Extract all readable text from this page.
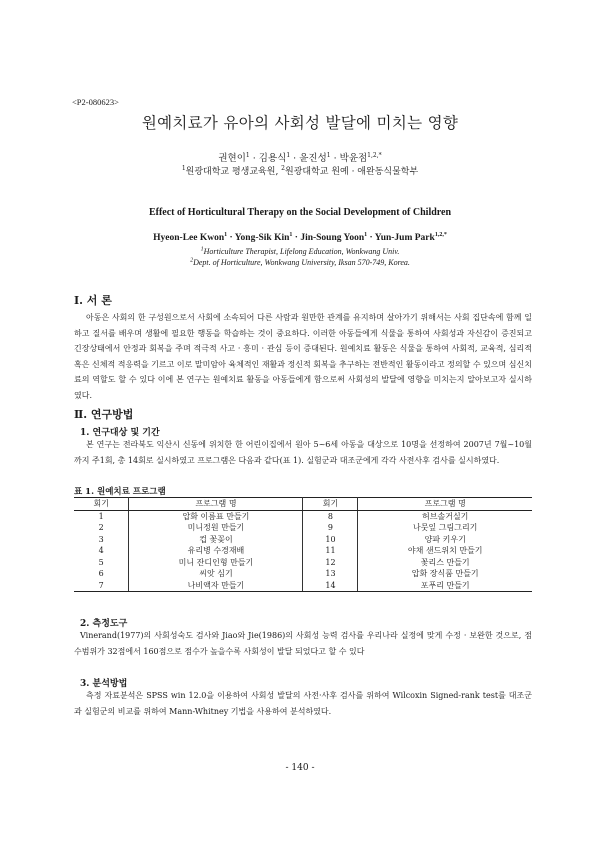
<P2-080623>
원예치료가 유아의 사회성 발달에 미치는 영향
권현이$^1$ · 김용식$^1$ · 윤진성$^1$ · 박윤점$^{1,2,*}$
$^1$원광대학교 평생교육원, $^2$원광대학교 원예 · 애완동식물학부
Effect of Horticultural Therapy on the Social Development of Children
Hyeon-Lee Kwon$^1$ · Yong-Sik Kin$^1$ · Jin-Soung Yoon$^1$ · Yun-Jum Park$^{1,2,*}$
$^1$Horticulture Therapist, Lifelong Education, Wonkwang Univ.
$^2$Dept. of Horticulture, Wonkwang University, Iksan 570-749, Korea.
Ⅰ. 서 론
아동은 사회의 한 구성원으로서 사회에 소속되어 다른 사람과 원만한 관계를 유지하며 살아가기 위해서는 사회 집단속에 함께 일하고 질서를 배우며 생활에 필요한 행동을 학습하는 것이 중요하다. 이러한 아동들에게 식물을 통하여 사회성과 자신감이 증진되고 긴장상태에서 안정과 회복을 주며 적극적 사고 · 흥미 · 관심 등이 증대된다. 원예치료 활동은 식물을 통하여 사회적, 교육적, 심리적 혹은 신체적 적응력을 기르고 이로 말미암아 육체적인 재활과 정신적 회복을 추구하는 전반적인 활동이라고 정의할 수 있으며 심신치료의 역할도 할 수 있다 이에 본 연구는 원예치료 활동을 아동들에게 함으로써 사회성의 발달에 영향을 미치는지 알아보고자 실시하였다.
Ⅱ. 연구방법
1. 연구대상 및 기간
본 연구는 전라북도 익산시 신동에 위치한 한 어린이집에서 원아 5~6세 아동을 대상으로 10명을 선정하여 2007년 7월~10월까지 주1회, 총 14회로 실시하였고 프로그램은 다음과 같다(표 1). 실험군과 대조군에게 각각 사전사후 검사를 실시하였다.
표 1. 원예치료 프로그램
회기	프로그램 명	회기	프로그램 명
1	압화 이름표 만들기	8	허브솔거실기
2	미니정원 만들기	9	나뭇잎 그림그리기
3	컵 꽃꽂이	10	양파 키우기
4	유리병 수경재배	11	야채 샌드위치 만들기
5	미니 잔디인형 만들기	12	꽃리스 만들기
6	씨앗 심기	13	압화 장식품 만들기
7	나비액자 만들기	14	포푸리 만들기
2. 측정도구
Vinerand(1977)의 사회성숙도 검사와 Jiao와 Jie(1986)의 사회성 능력 검사를 우리나라 실정에 맞게 수정 · 보완한 것으로, 점수범위가 32점에서 160점으로 점수가 높을수록 사회성이 발달 되었다고 할 수 있다
3. 분석방법
측정 자료분석은 SPSS win 12.0을 이용하여 사회성 발달의 사전·사후 검사를 위하여 Wilcoxin Signed-rank test를 대조군과 실험군의 비교를 위하여 Mann-Whitney 기법을 사용하여 분석하였다.
- 140 -
